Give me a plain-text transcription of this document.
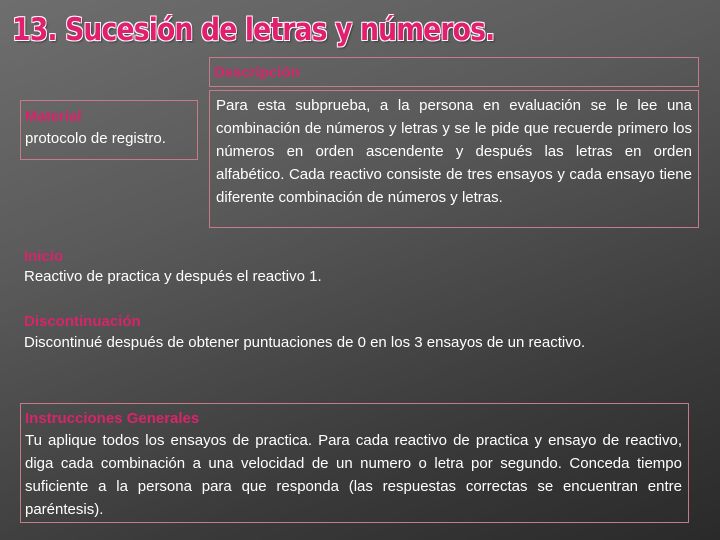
13. Sucesión de letras y números.
Descripción
Material
protocolo de registro.
Para esta subprueba, a la persona en evaluación se le lee una combinación de números y letras y se le pide que recuerde primero los números en orden ascendente y después las letras en orden alfabético. Cada reactivo consiste de tres ensayos y cada ensayo tiene diferente combinación de números y letras.
Inicio
Reactivo de practica y después el reactivo 1.
Discontinuación
Discontinué después de obtener puntuaciones de 0 en los 3 ensayos de un reactivo.
Instrucciones Generales
Tu aplique todos los ensayos de practica. Para cada reactivo de practica y ensayo de reactivo, diga cada combinación a una velocidad de un numero o letra por segundo. Conceda tiempo suficiente a la persona para que responda (las respuestas correctas se encuentran entre paréntesis).
